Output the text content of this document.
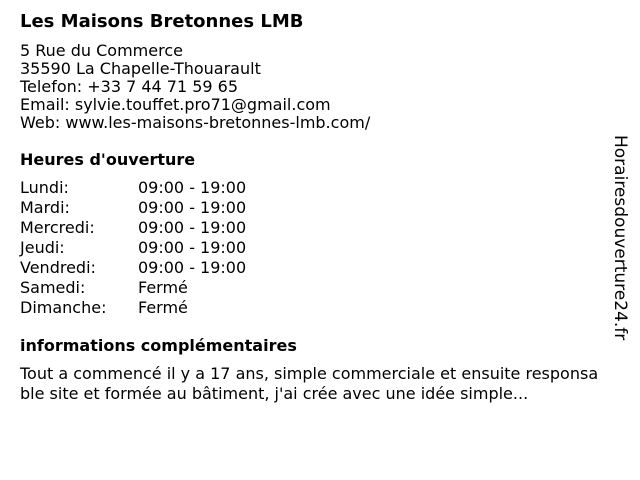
Les Maisons Bretonnes LMB
5 Rue du Commerce
35590 La Chapelle-Thouarault
Telefon: +33 7 44 71 59 65
Email: sylvie.touffet.pro71@gmail.com
Web: www.les-maisons-bretonnes-lmb.com/
Heures d'ouverture
Lundi:	09:00 - 19:00
Mardi:	09:00 - 19:00
Mercredi:	09:00 - 19:00
Jeudi:	09:00 - 19:00
Vendredi:	09:00 - 19:00
Samedi:	Fermé
Dimanche:	Fermé
informations complémentaires
Tout a commencé il y a 17 ans, simple commerciale et ensuite responsable site et formée au bâtiment, j'ai crée avec une idée simple...
Horairesdouverture24.fr
